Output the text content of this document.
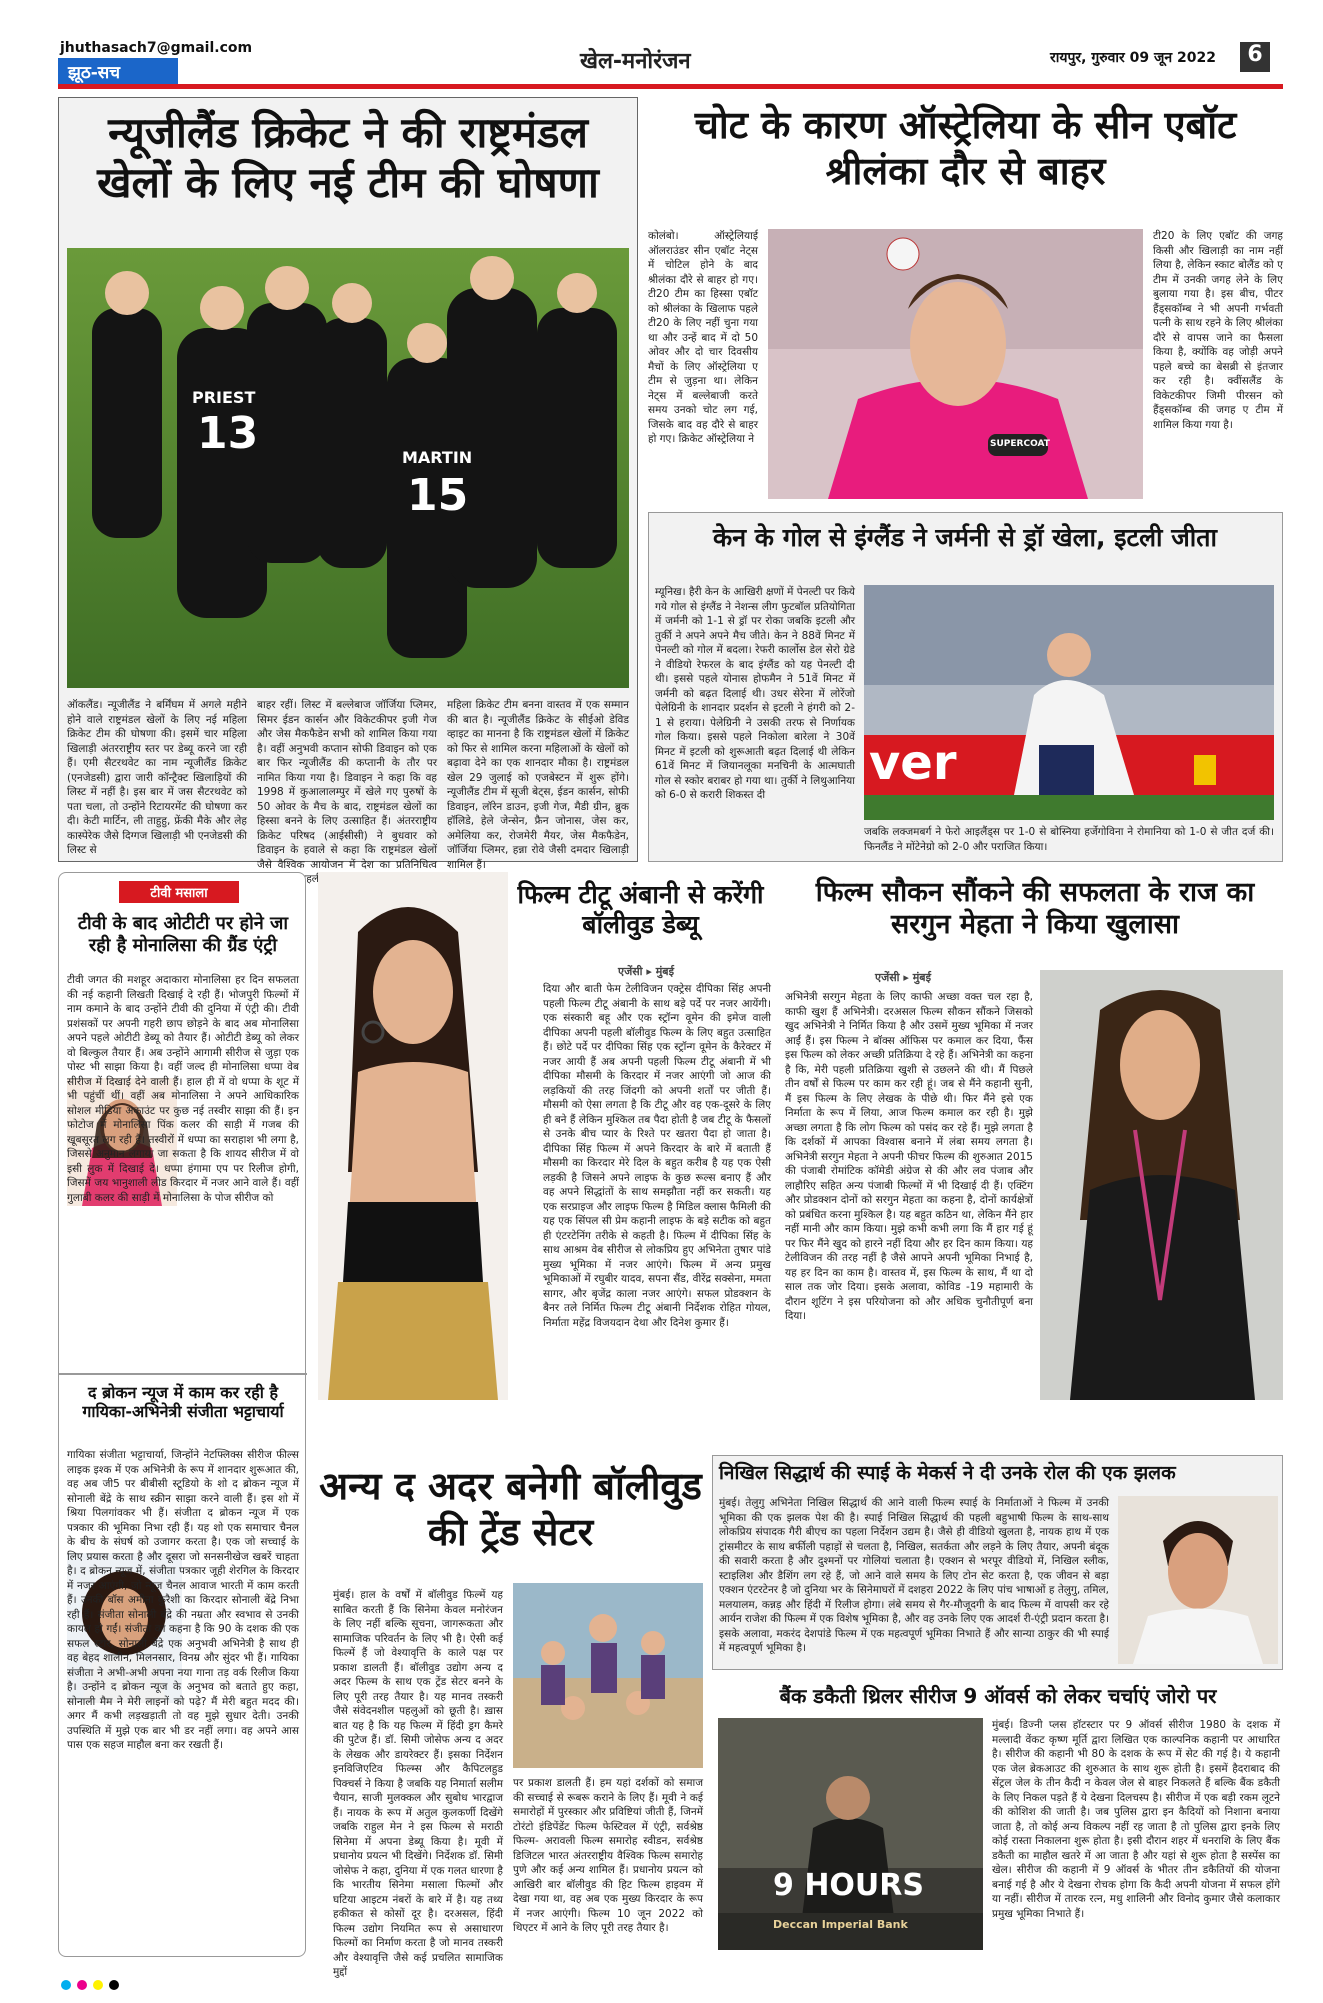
jhuthasach7@gmail.com
झूठ-सच	खेल-मनोरंजन	रायपुर, गुरुवार 09 जून 2022	6
न्यूजीलैंड क्रिकेट ने की राष्ट्रमंडल खेलों के लिए नई टीम की घोषणा
PRIEST
13	MARTIN
15
ऑकलैंड। न्यूजीलैंड ने बर्मिंघम में अगले महीने होने वाले राष्ट्रमंडल खेलों के लिए नई महिला क्रिकेट टीम की घोषणा की। इसमें चार महिला खिलाड़ी अंतरराष्ट्रीय स्तर पर डेब्यू करने जा रही हैं। एमी सैटरथवेट का नाम न्यूजीलैंड क्रिकेट (एनजेडसी) द्वारा जारी कॉन्ट्रैक्ट खिलाड़ियों की लिस्ट में नहीं है। इस बार में जस सैटरथवेट को पता चला, तो उन्होंने रिटायरमेंट की घोषणा कर दी। केटी मार्टिन, ली ताहुहु, फ्रेंकी मैके और लेह कास्पेरेक जैसे दिग्गज खिलाड़ी भी एनजेडसी की लिस्ट से
बाहर रहीं। लिस्ट में बल्लेबाज जॉर्जिया प्लिमर, सिमर ईडन कार्सन और विकेटकीपर इजी गेज और जेस मैकफैडेन सभी को शामिल किया गया है। वहीं अनुभवी कप्तान सोफी डिवाइन को एक बार फिर न्यूजीलैंड की कप्तानी के तौर पर नामित किया गया है। डिवाइन ने कहा कि वह 1998 में कुआलालम्पुर में खेले गए पुरुषों के 50 ओवर के मैच के बाद, राष्ट्रमंडल खेलों का हिस्सा बनने के लिए उत्साहित हैं। अंतरराष्ट्रीय क्रिकेट परिषद (आईसीसी) ने बुधवार को डिवाइन के हवाले से कहा कि राष्ट्रमंडल खेलों जैसे वैश्विक आयोजन में देश का प्रतिनिधित्व पहली
महिला क्रिकेट टीम बनना वास्तव में एक सम्मान की बात है। न्यूजीलैंड क्रिकेट के सीईओ डेविड व्हाइट का मानना है कि राष्ट्रमंडल खेलों में क्रिकेट को फिर से शामिल करना महिलाओं के खेलों को बढ़ावा देने का एक शानदार मौका है। राष्ट्रमंडल खेल 29 जुलाई को एजबेस्टन में शुरू होंगे। न्यूजीलैंड टीम में सूजी बेट्स, ईडन कार्सन, सोफी डिवाइन, लॉरेन डाउन, इजी गेज, मैडी ग्रीन, ब्रुक हॉलिडे, हेले जेन्सेन, फ्रैन जोनास, जेस कर, अमेलिया कर, रोजमेरी मैयर, जेस मैकफैडेन, जॉर्जिया प्लिमर, हन्ना रोवे जैसी दमदार खिलाड़ी शामिल हैं।
चोट के कारण ऑस्ट्रेलिया के सीन एबॉट श्रीलंका दौर से बाहर
कोलंबो। ऑस्ट्रेलियाई ऑलराउंडर सीन एबॉट नेट्स में चोटिल होने के बाद श्रीलंका दौरे से बाहर हो गए। टी20 टीम का हिस्सा एबॉट को श्रीलंका के खिलाफ पहले टी20 के लिए नहीं चुना गया था और उन्हें बाद में दो 50 ओवर और दो चार दिवसीय मैचों के लिए ऑस्ट्रेलिया ए टीम से जुड़ना था। लेकिन नेट्स में बल्लेबाजी करते समय उनको चोट लग गई, जिसके बाद वह दौरे से बाहर हो गए। क्रिकेट ऑस्ट्रेलिया ने	SUPERCOAT
टी20 के लिए एबॉट की जगह किसी और खिलाड़ी का नाम नहीं लिया है, लेकिन स्काट बोलैंड को ए टीम में उनकी जगह लेने के लिए बुलाया गया है। इस बीच, पीटर हैंड्सकॉम्ब ने भी अपनी गर्भवती पत्नी के साथ रहने के लिए श्रीलंका दौरे से वापस जाने का फैसला किया है, क्योंकि वह जोड़ी अपने पहले बच्चे का बेसब्री से इंतजार कर रही है। क्वींसलैंड के विकेटकीपर जिमी पीरसन को हैंड्सकॉम्ब की जगह ए टीम में शामिल किया गया है।
केन के गोल से इंग्लैंड ने जर्मनी से ड्रॉ खेला, इटली जीता
म्यूनिख। हैरी केन के आखिरी क्षणों में पेनल्टी पर किये गये गोल से इंग्लैंड ने नेशन्स लीग फुटबॉल प्रतियोगिता में जर्मनी को 1-1 से ड्रॉ पर रोका जबकि इटली और तुर्की ने अपने अपने मैच जीते। केन ने 88वें मिनट में पेनल्टी को गोल में बदला। रेफरी कार्लोस डेल सेरो ग्रेडे ने वीडियो रेफरल के बाद इंग्लैंड को यह पेनल्टी दी थी। इससे पहले योनास होफमैन ने 51वें मिनट में जर्मनी को बढ़त दिलाई थी। उधर सेरेना में लोरेंजो पेलेग्रिनी के शानदार प्रदर्शन से इटली ने हंगरी को 2-1 से हराया। पेलेग्रिनी ने उसकी तरफ से निर्णायक गोल किया। इससे पहले निकोला बारेला ने 30वें मिनट में इटली को शुरूआती बढ़त दिलाई थी लेकिन 61वें मिनट में जियानलूका मनचिनी के आत्मघाती गोल से स्कोर बराबर हो गया था। तुर्की ने लिथुआनिया को 6-0 से करारी शिकस्त दी
ver
जबकि लक्जमबर्ग ने फेरो आइलैंड्स पर 1-0 से बोस्निया हर्जेगोविना ने रोमानिया को 1-0 से जीत दर्ज की। फिनलैंड ने मोंटेनेग्रो को 2-0 और पराजित किया।
टीवी मसाला
टीवी के बाद ओटीटी पर होने जा रही है मोनालिसा की ग्रैंड एंट्री
टीवी जगत की मशहूर अदाकारा मोनालिसा हर दिन सफलता की नई कहानी लिखती दिखाई दे रही हैं। भोजपुरी फिल्मों में नाम कमाने के बाद उन्होंने टीवी की दुनिया में एंट्री की। टीवी प्रशंसकों पर अपनी गहरी छाप छोड़ने के बाद अब मोनालिसा अपने पहले ओटीटी डेब्यू को तैयार हैं। ओटीटी डेब्यू को लेकर वो बिल्कुल तैयार हैं। अब उन्होंने आगामी सीरीज से जुड़ा एक पोस्ट भी साझा किया है। वहीं जल्द ही मोनालिसा धप्पा वेब सीरीज में दिखाई देने वाली हैं। हाल ही में वो धप्पा के शूट में भी पहुंचीं थीं। वहीं अब मोनालिसा ने अपने आधिकारिक सोशल मीडिया अकाउंट पर कुछ नई तस्वीर साझा की हैं। इन फोटोज में मोनालिसा पिंक कलर की साड़ी में गजब की खूबसूरत लग रही हैं। तस्वीरों में धप्पा का सराहाश भी लगा है, जिससे अनुमान लगाया जा सकता है कि शायद सीरीज में वो इसी लुक में दिखाई दे। धप्पा हंगामा एप पर रिलीज होगी, जिसमें जय भानुशाली लीड किरदार में नजर आने वाले हैं। वहीं गुलाबी कलर की साड़ी में मोनालिसा के पोज सीरीज को
द ब्रोकन न्यूज में काम कर रही है गायिका-अभिनेत्री संजीता भट्टाचार्या
गायिका संजीता भट्टाचार्या, जिन्होंने नेटफ्लिक्स सीरीज फील्स लाइक इश्क में एक अभिनेत्री के रूप में शानदार शुरूआत की, वह अब जी5 पर बीबीसी स्टूडियो के शो द ब्रोकन न्यूज में सोनाली बेंद्रे के साथ स्क्रीन साझा करने वाली हैं। इस शो में श्रिया पिलगांवकर भी हैं। संजीता द ब्रोकन न्यूज में एक पत्रकार की भूमिका निभा रही हैं। यह शो एक समाचार चैनल के बीच के संघर्ष को उजागर करता है। एक जो सच्चाई के लिए प्रयास करता है और दूसरा जो सनसनीखेज खबरें चाहता है। द ब्रोकन न्यूज में, संजीता पत्रकार जूही शेरगिल के किरदार में नजर आएंगी, जो न्यूज़ चैनल आवाज भारती में काम करती हैं। उनकी बॉस अमीना कुरैशी का किरदार सोनाली बेंद्रे निभा रही हैं। संजीता सोनाली बेंद्रे की नम्रता और स्वभाव से उनकी कायल हो गईं। संजीता का कहना है कि 90 के दशक की एक सफल स्टार, सोनाली बेंद्रे एक अनुभवी अभिनेत्री है साथ ही वह बेहद शालीन, मिलनसार, विनम्र और सुंदर भी हैं। गायिका संजीता ने अभी-अभी अपना नया गाना तड़ वर्क रिलीज किया है। उन्होंने द ब्रोकन न्यूज के अनुभव को बताते हुए कहा, सोनाली मैम ने मेरी लाइनों को पढ़े? मैं मेरी बहुत मदद की। अगर मैं कभी लड़खड़ाती तो वह मुझे सुधार देती। उनकी उपस्थिति में मुझे एक बार भी डर नहीं लगा। वह अपने आस पास एक सहज माहौल बना कर रखती हैं।
फिल्म टीटू अंबानी से करेंगी बॉलीवुड डेब्यू
एजेंसी ▸ मुंबई
दिया और बाती फेम टेलीविजन एक्ट्रेस दीपिका सिंह अपनी पहली फिल्म टीटू अंबानी के साथ बड़े पर्दे पर नजर आयेंगी। एक संस्कारी बहू और एक स्ट्रॉन्ग वूमेन की इमेज वाली दीपिका अपनी पहली बॉलीवुड फिल्म के लिए बहुत उत्साहित हैं। छोटे पर्दे पर दीपिका सिंह एक स्ट्रॉन्ग वूमेन के कैरेक्टर में नजर आयी हैं अब अपनी पहली फिल्म टीटू अंबानी में भी दीपिका मौसमी के किरदार में नजर आएंगी जो आज की लड़कियों की तरह जिंदगी को अपनी शर्तों पर जीती हैं। मौसमी को ऐसा लगता है कि टीटू और वह एक-दूसरे के लिए ही बने हैं लेकिन मुश्किल तब पैदा होती है जब टीटू के फैसलों से उनके बीच प्यार के रिश्ते पर खतरा पैदा हो जाता है। दीपिका सिंह फिल्म में अपने किरदार के बारे में बताती हैं मौसमी का किरदार मेरे दिल के बहुत करीब है यह एक ऐसी लड़की है जिसने अपने लाइफ के कुछ रूल्स बनाए हैं और वह अपने सिद्धांतों के साथ समझौता नहीं कर सकती। यह एक सरप्राइज और लाइफ फिल्म है मिडिल क्लास फैमिली की यह एक सिंपल सी प्रेम कहानी लाइफ के बड़े सटीक को बहुत ही एंटरटेनिंग तरीके से कहती है। फिल्म में दीपिका सिंह के साथ आश्रम वेब सीरीज से लोकप्रिय हुए अभिनेता तुषार पांडे मुख्य भूमिका में नजर आएंगे। फिल्म में अन्य प्रमुख भूमिकाओं में रघुबीर यादव, सपना सैंड, वीरेंद्र सक्सेना, ममता सागर, और बृजेंद्र काला नजर आएंगे। सफल प्रोडक्शन के बैनर तले निर्मित फिल्म टीटू अंबानी निर्देशक रोहित गोयल, निर्माता महेंद्र विजयदान देथा और दिनेश कुमार हैं।
फिल्म सौकन सौंकने की सफलता के राज का सरगुन मेहता ने किया खुलासा
एजेंसी ▸ मुंबई
अभिनेत्री सरगुन मेहता के लिए काफी अच्छा वक्त चल रहा है, काफी खुश हैं अभिनेत्री। दरअसल फिल्म सौकन सौंकने जिसको खुद अभिनेत्री ने निर्मित किया है और उसमें मुख्य भूमिका में नजर आईं हैं। इस फिल्म ने बॉक्स ऑफिस पर कमाल कर दिया, फैंस इस फिल्म को लेकर अच्छी प्रतिक्रिया दे रहे हैं। अभिनेत्री का कहना है कि, मेरी पहली प्रतिक्रिया खुशी से उछलने की थी। मैं पिछले तीन वर्षों से फिल्म पर काम कर रही हूं। जब से मैंने कहानी सुनी, मैं इस फिल्म के लिए लेखक के पीछे थी। फिर मैंने इसे एक निर्माता के रूप में लिया, आज फिल्म कमाल कर रही है। मुझे अच्छा लगता है कि लोग फिल्म को पसंद कर रहे हैं। मुझे लगता है कि दर्शकों में आपका विश्वास बनाने में लंबा समय लगता है। अभिनेत्री सरगुन मेहता ने अपनी फीचर फिल्म की शुरुआत 2015 की पंजाबी रोमांटिक कॉमेडी अंग्रेज से की और लव पंजाब और लाहौरिए सहित अन्य पंजाबी फिल्मों में भी दिखाई दी हैं। एक्टिंग और प्रोडक्शन दोनों को सरगुन मेहता का कहना है, दोनों कार्यक्षेत्रों को प्रबंधित करना मुश्किल है। यह बहुत कठिन था, लेकिन मैंने हार नहीं मानी और काम किया। मुझे कभी कभी लगा कि मैं हार गई हूं पर फिर मैंने खुद को हारने नहीं दिया और हर दिन काम किया। यह टेलीविजन की तरह नहीं है जैसे आपने अपनी भूमिका निभाई है, यह हर दिन का काम है। वास्तव में, इस फिल्म के साथ, मैं था दो साल तक जोर दिया। इसके अलावा, कोविड -19 महामारी के दौरान शूटिंग ने इस परियोजना को और अधिक चुनौतीपूर्ण बना दिया।
अन्य द अदर बनेगी बॉलीवुड की ट्रेंड सेटर
मुंबई। हाल के वर्षों में बॉलीवुड फिल्में यह साबित करती हैं कि सिनेमा केवल मनोरंजन के लिए नहीं बल्कि सूचना, जागरूकता और सामाजिक परिवर्तन के लिए भी है। ऐसी कई फिल्में हैं जो वेश्यावृत्ति के काले पक्ष पर प्रकाश डालती हैं। बॉलीवुड उद्योग अन्य द अदर फिल्म के साथ एक ट्रेंड सेटर बनने के लिए पूरी तरह तैयार है। यह मानव तस्करी जैसे संवेदनशील पहलुओं को छूती है। ख़ास बात यह है कि यह फिल्म में हिंदी ड्रग कैमरे की पुटेज हैं। डॉ. सिमी जोसेफ अन्य द अदर के लेखक और डायरेक्टर हैं। इसका निर्देशन इनविजिएटिव फिल्म्स और कैपिटलहुड पिक्चर्स ने किया है जबकि यह निमार्ता सलीम चैयान, साजी मुलक्कल और सुबोध भारद्वाज हैं। नायक के रूप में अतुल कुलकर्णी दिखेंगे जबकि राहुल मेन ने इस फिल्म से मराठी सिनेमा में अपना डेब्यू किया है। मूवी में प्रधानोय प्रयत्न भी दिखेंगे। निर्देशक डॉ. सिमी जोसेफ ने कहा, दुनिया में एक गलत धारणा है कि भारतीय सिनेमा मसाला फिल्मों और घटिया आइटम नंबरों के बारे में है। यह तथ्य हकीकत से कोसों दूर है। दरअसल, हिंदी फिल्म उद्योग नियमित रूप से असाधारण फिल्मों का निर्माण करता है जो मानव तस्करी और वेश्यावृत्ति जैसे कई प्रचलित सामाजिक मुद्दों
पर प्रकाश डालती हैं। हम यहां दर्शकों को समाज की सच्चाई से रूबरू कराने के लिए हैं। मूवी ने कई समारोहों में पुरस्कार और प्रविष्टियां जीती हैं, जिनमें टोरंटो इंडिपेंडेंट फिल्म फेस्टिवल में एंट्री, सर्वश्रेष्ठ फिल्म- अरावली फिल्म समारोह स्वीडन, सर्वश्रेष्ठ डिजिटल भारत अंतरराष्ट्रीय वैश्विक फिल्म समारोह पुणे और कई अन्य शामिल हैं। प्रधानोय प्रयत्न को आखिरी बार बॉलीवुड की हिट फिल्म हाइवम में देखा गया था, वह अब एक मुख्य किरदार के रूप में नजर आएंगी। फिल्म 10 जून 2022 को थिएटर में आने के लिए पूरी तरह तैयार है।
निखिल सिद्धार्थ की स्पाई के मेकर्स ने दी उनके रोल की एक झलक
मुंबई। तेलुगु अभिनेता निखिल सिद्धार्थ की आने वाली फिल्म स्पाई के निर्माताओं ने फिल्म में उनकी भूमिका की एक झलक पेश की है। स्पाई निखिल सिद्धार्थ की पहली बहुभाषी फिल्म के साथ-साथ लोकप्रिय संपादक गैरी बीएच का पहला निर्देशन उद्यम है। जैसे ही वीडियो खुलता है, नायक हाथ में एक ट्रांसमीटर के साथ बर्फीली पहाड़ों से चलता है, निखिल, सतर्कता और लड़ने के लिए तैयार, अपनी बंदूक की सवारी करता है और दुश्मनों पर गोलियां चलाता है। एक्शन से भरपूर वीडियो में, निखिल स्लीक, स्टाइलिश और डैशिंग लग रहे हैं, जो आने वाले समय के लिए टोन सेट करता है, एक जीवन से बड़ा एक्शन एंटरटेनर है जो दुनिया भर के सिनेमाघरों में दशहरा 2022 के लिए पांच भाषाओं ह तेलुगु, तमिल, मलयालम, कन्नड़ और हिंदी में रिलीज होगा। लंबे समय से गैर-मौजूदगी के बाद फिल्म में वापसी कर रहे आर्यन राजेश की फिल्म में एक विशेष भूमिका है, और वह उनके लिए एक आदर्श री-एंट्री प्रदान करता है। इसके अलावा, मकरंद देशपांडे फिल्म में एक महत्वपूर्ण भूमिका निभाते हैं और सान्या ठाकुर की भी स्पाई में महत्वपूर्ण भूमिका है।
बैंक डकैती थ्रिलर सीरीज 9 ऑवर्स को लेकर चर्चाएं जोरो पर
9 HOURS
Deccan Imperial Bank
मुंबई। डिज्नी प्लस हॉटस्टार पर 9 ऑवर्स सीरीज 1980 के दशक में मल्लादी वेंकट कृष्ण मूर्ति द्वारा लिखित एक काल्पनिक कहानी पर आधारित है। सीरीज की कहानी भी 80 के दशक के रूप में सेट की गई है। ये कहानी एक जेल ब्रेकआउट की शुरुआत के साथ शुरू होती है। इसमें हैदराबाद की सेंट्रल जेल के तीन कैदी न केवल जेल से बाहर निकलते हैं बल्कि बैंक डकैती के लिए निकल पड़ते हैं ये देखना दिलचस्प है। सीरीज में एक बड़ी रकम लूटने की कोशिश की जाती है। जब पुलिस द्वारा इन कैदियों को निशाना बनाया जाता है, तो कोई अन्य विकल्प नहीं रह जाता है तो पुलिस द्वारा इनके लिए कोई रास्ता निकालना शुरू होता है। इसी दौरान शहर में धनराशि के लिए बैंक डकैती का माहौल खतरे में आ जाता है और यहां से शुरू होता है सस्पेंस का खेल। सीरीज की कहानी में 9 ऑवर्स के भीतर तीन डकैतियों की योजना बनाई गई है और ये देखना रोचक होगा कि कैदी अपनी योजना में सफल होंगे या नहीं। सीरीज में तारक रत्न, मधु शालिनी और विनोद कुमार जैसे कलाकार प्रमुख भूमिका निभाते हैं।
